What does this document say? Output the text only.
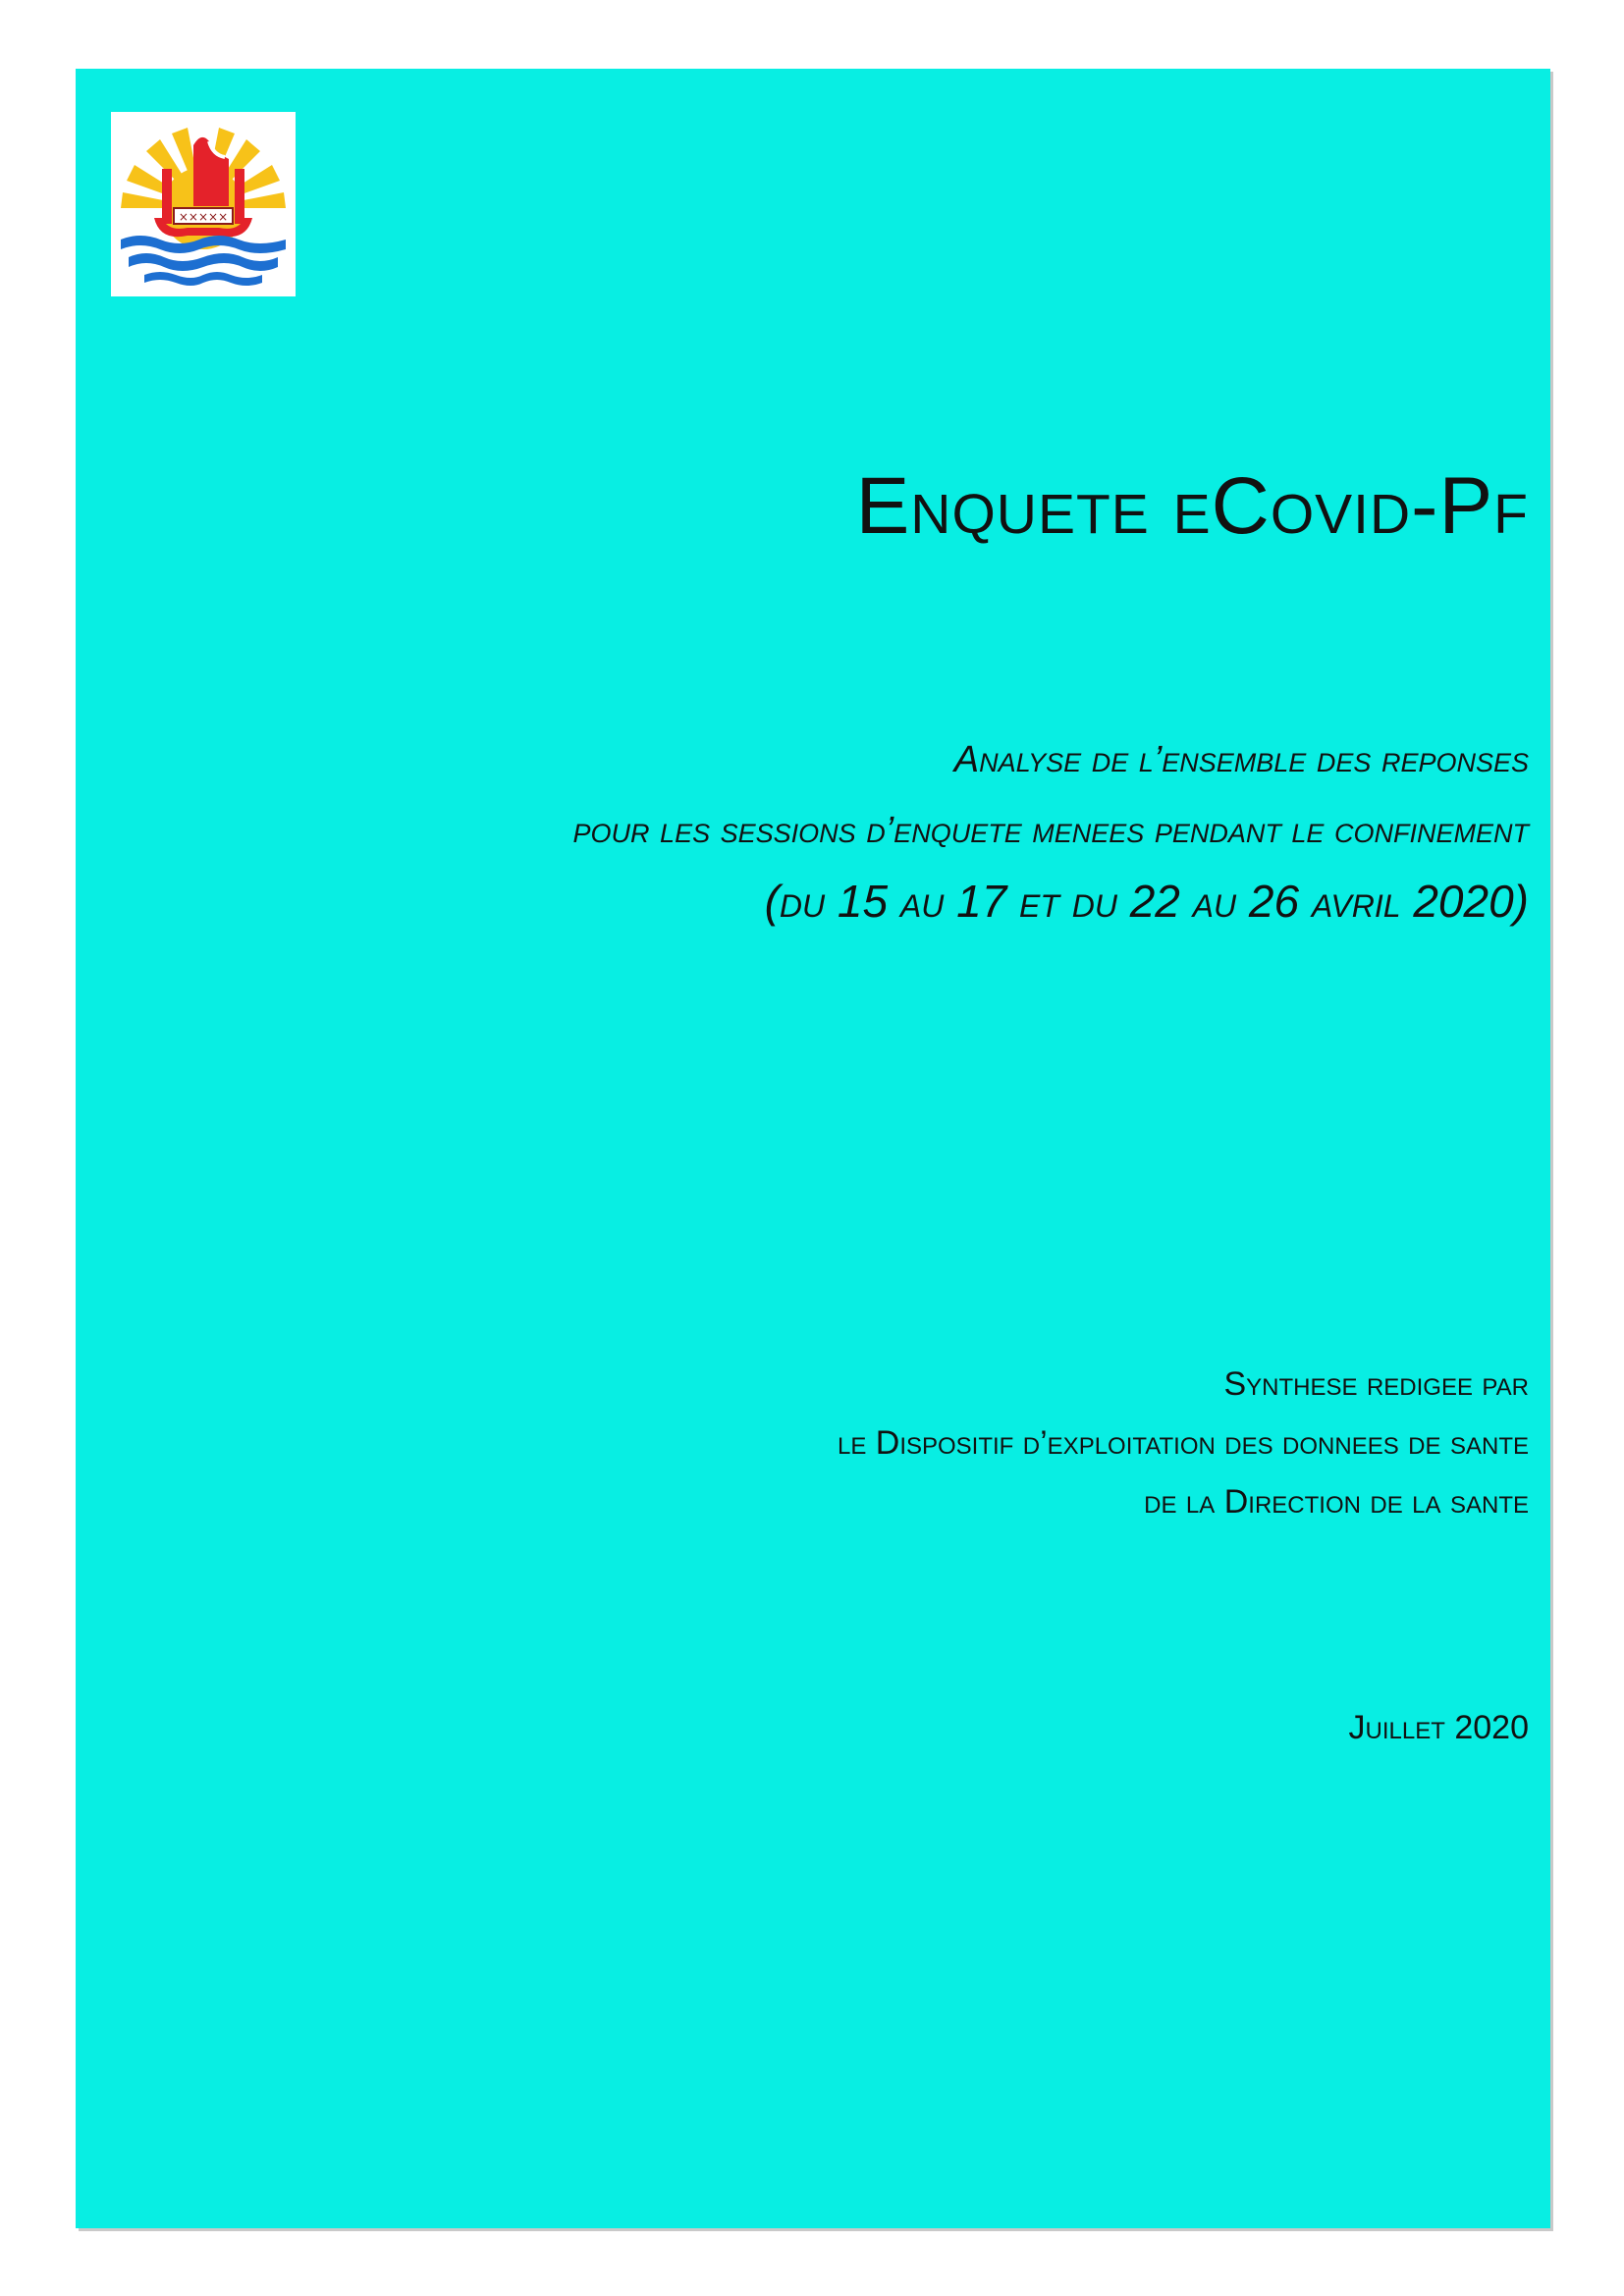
×××××
Enquete eCovid-Pf
Analyse de l’ensemble des reponses
pour les sessions d’enquete menees pendant le confinement
(du 15 au 17 et du 22 au 26 avril 2020)
Synthese redigee par
le Dispositif d’exploitation des donnees de sante
de la Direction de la sante
Juillet 2020
